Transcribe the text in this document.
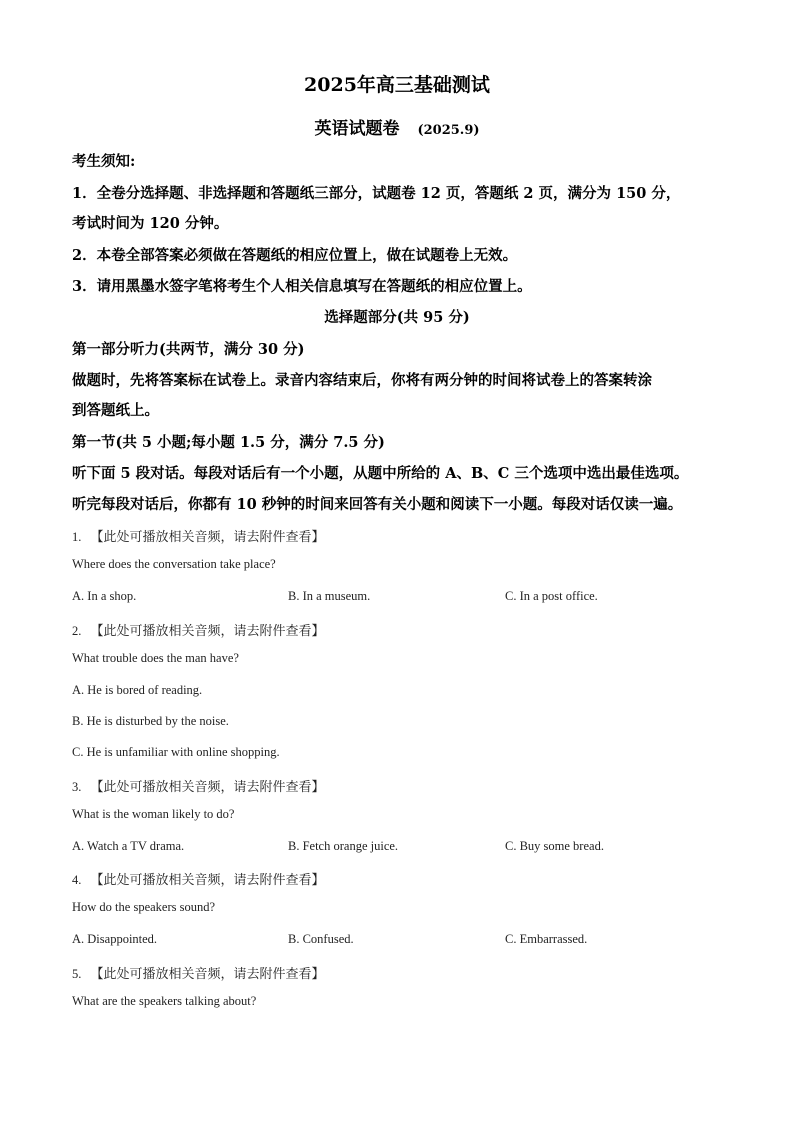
2025年高三基础测试
英语试题卷 (2025.9)
考生须知:
1．全卷分选择题、非选择题和答题纸三部分，试题卷 12 页，答题纸 2 页，满分为 150 分，
考试时间为 120 分钟。
2．本卷全部答案必须做在答题纸的相应位置上，做在试题卷上无效。
3．请用黑墨水签字笔将考生个人相关信息填写在答题纸的相应位置上。
选择题部分(共 95 分)
第一部分听力(共两节，满分 30 分)
做题时，先将答案标在试卷上。录音内容结束后，你将有两分钟的时间将试卷上的答案转涂
到答题纸上。
第一节(共 5 小题;每小题 1.5 分，满分 7.5 分)
听下面 5 段对话。每段对话后有一个小题，从题中所给的 A、B、C 三个选项中选出最佳选项。
听完每段对话后，你都有 10 秒钟的时间来回答有关小题和阅读下一小题。每段对话仅读一遍。
1. 【此处可播放相关音频，请去附件查看】
Where does the conversation take place?
A. In a shop.	B. In a museum.	C. In a post office.
2. 【此处可播放相关音频，请去附件查看】
What trouble does the man have?
A. He is bored of reading.
B. He is disturbed by the noise.
C. He is unfamiliar with online shopping.
3. 【此处可播放相关音频，请去附件查看】
What is the woman likely to do?
A. Watch a TV drama.	B. Fetch orange juice.	C. Buy some bread.
4. 【此处可播放相关音频，请去附件查看】
How do the speakers sound?
A. Disappointed.	B. Confused.	C. Embarrassed.
5. 【此处可播放相关音频，请去附件查看】
What are the speakers talking about?
